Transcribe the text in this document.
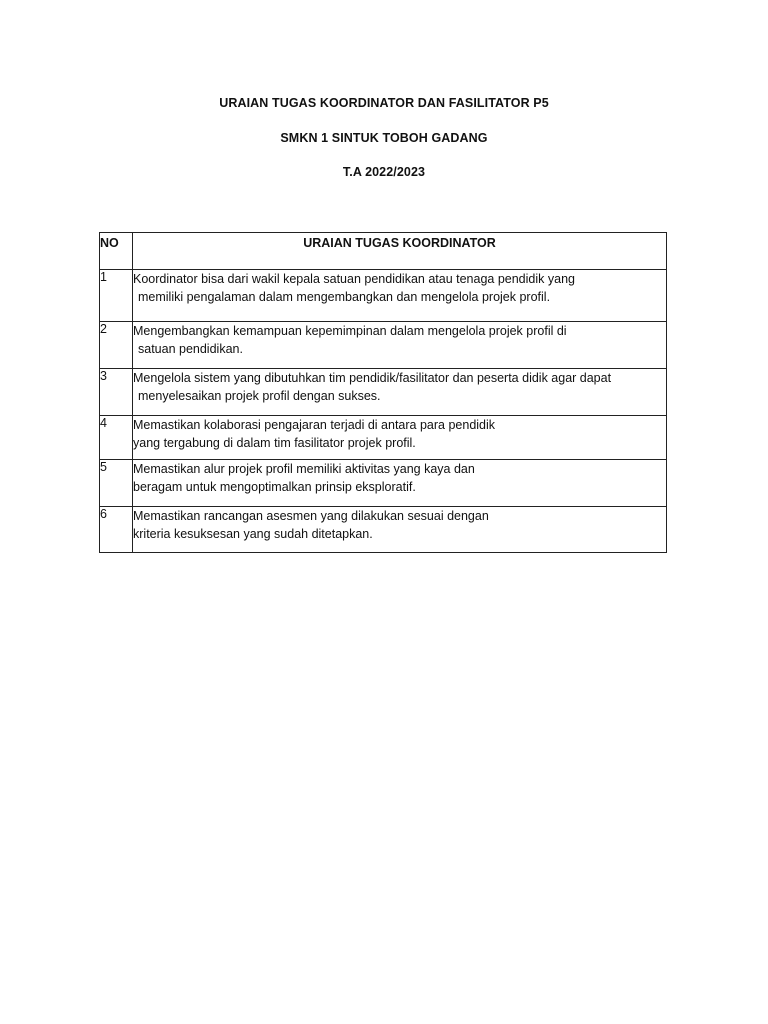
URAIAN TUGAS KOORDINATOR DAN FASILITATOR P5
SMKN 1 SINTUK TOBOH GADANG
T.A 2022/2023
NO	URAIAN TUGAS KOORDINATOR
1	Koordinator bisa dari wakil kepala satuan pendidikan atau tenaga pendidik yang
memiliki pengalaman dalam mengembangkan dan mengelola projek profil.

2	Mengembangkan kemampuan kepemimpinan dalam mengelola projek profil di
satuan pendidikan.

3	Mengelola sistem yang dibutuhkan tim pendidik/fasilitator dan peserta didik agar dapat
menyelesaikan projek profil dengan sukses.

4	Memastikan kolaborasi pengajaran terjadi di antara para pendidik
yang tergabung di dalam tim fasilitator projek profil.

5	Memastikan alur projek profil memiliki aktivitas yang kaya dan
beragam untuk mengoptimalkan prinsip eksploratif.

6	Memastikan rancangan asesmen yang dilakukan sesuai dengan
kriteria kesuksesan yang sudah ditetapkan.
